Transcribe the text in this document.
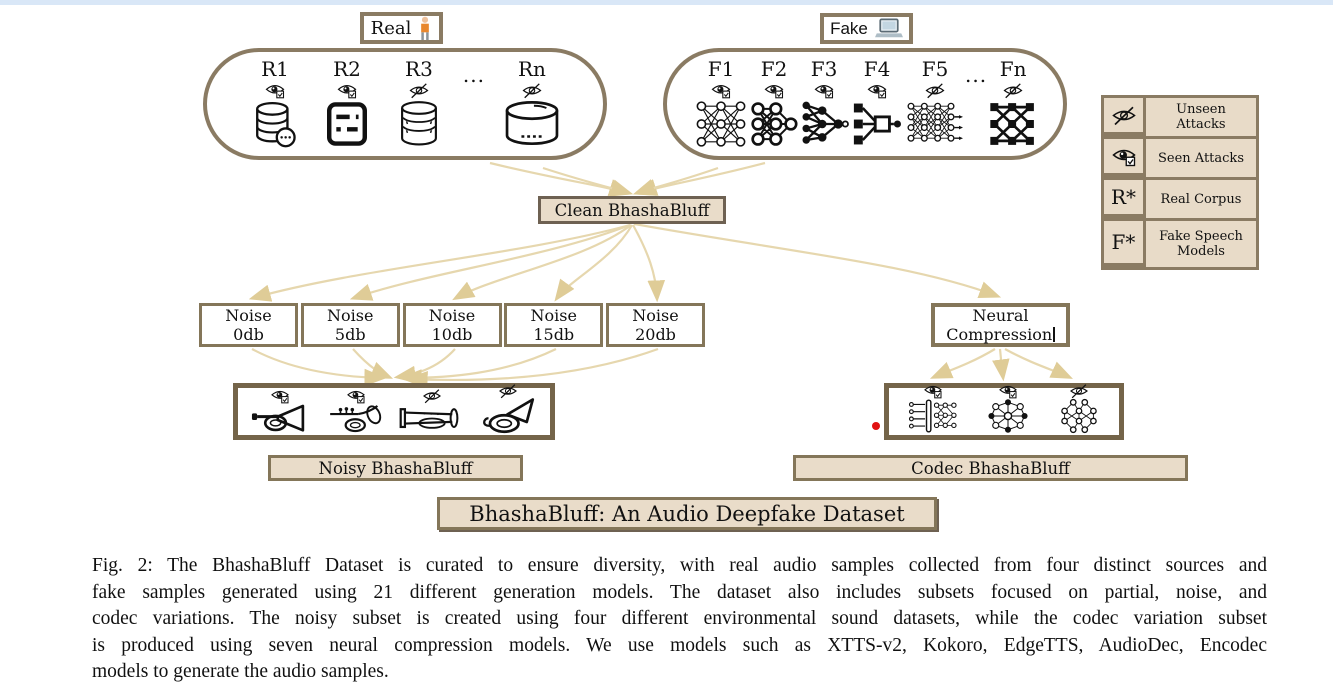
Real
R1 R2 R3 ... Rn
Fake
F1 F2 F3 F4 F5 ... Fn
Unseen Attacks
Seen Attacks
R*	Real Corpus
F*	Fake Speech Models
Clean BhashaBluff
Noise
0db
Noise
5db
Noise
10db
Noise
15db
Noise
20db
Neural
Compression
Noisy BhashaBluff	Codec BhashaBluff
BhashaBluff: An Audio Deepfake Dataset
Fig. 2: The BhashaBluff Dataset is curated to ensure diversity, with real audio samples collected from four distinct sources and
fake samples generated using 21 different generation models. The dataset also includes subsets focused on partial, noise, and
codec variations. The noisy subset is created using four different environmental sound datasets, while the codec variation subset
is produced using seven neural compression models. We use models such as XTTS-v2, Kokoro, EdgeTTS, AudioDec, Encodec
models to generate the audio samples.
